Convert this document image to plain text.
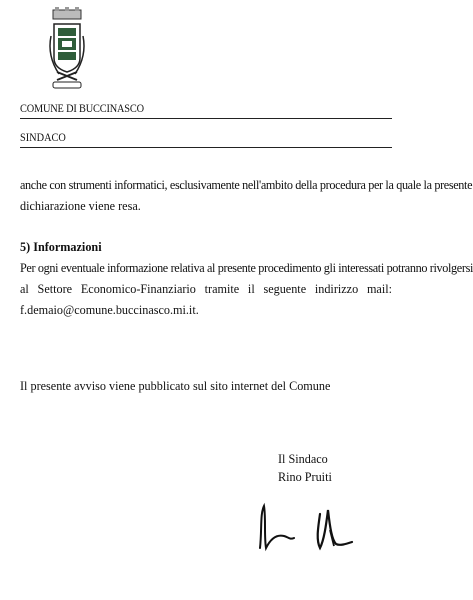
COMUNE DI BUCCINASCO
SINDACO
anche con strumenti informatici, esclusivamente nell'ambito della procedura per la quale la presente
dichiarazione viene resa.
5) Informazioni
Per ogni eventuale informazione relativa al presente procedimento gli interessati potranno rivolgersi
al Settore Economico-Finanziario tramite il seguente indirizzo mail:
f.demaio@comune.buccinasco.mi.it.
Il presente avviso viene pubblicato sul sito internet del Comune
Il Sindaco
Rino Pruiti
